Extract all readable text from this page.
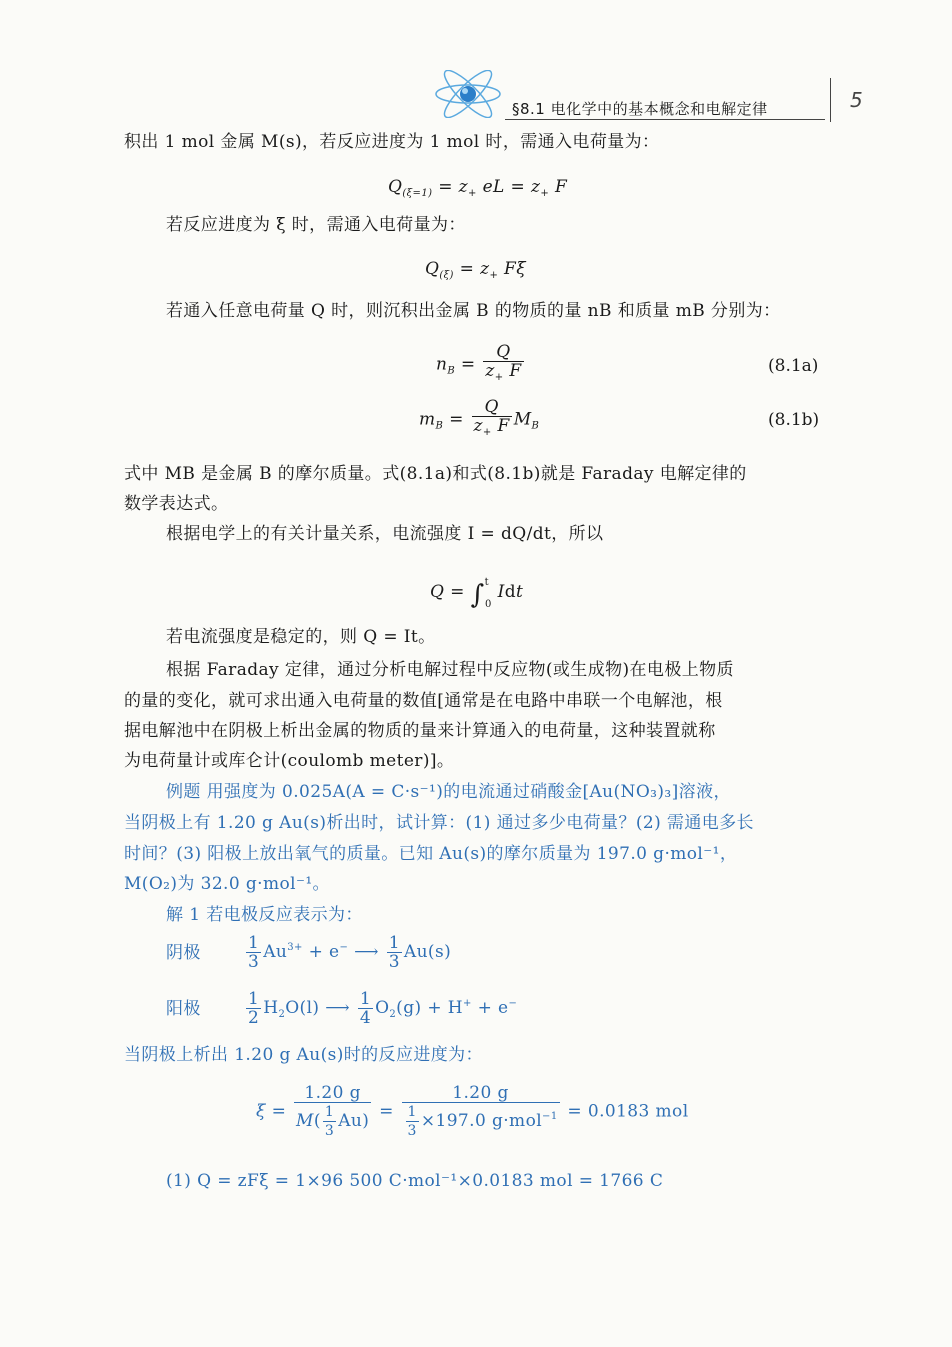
§8.1 电化学中的基本概念和电解定律	5
积出 1 mol 金属 M(s)，若反应进度为 1 mol 时，需通入电荷量为：
$Q_{(\xi=1)} = z_+$ eL = $z_+$ F
若反应进度为 ξ 时，需通入电荷量为：
$Q_{(\xi)} = z_+$ Fξ
若通入任意电荷量 Q 时，则沉积出金属 B 的物质的量 nB 和质量 mB 分别为：
$n_B = \frac{Q}{z_+ F}$	(8.1a)
$m_B = \frac{Q}{z_+ F} M_B$	(8.1b)
式中 MB 是金属 B 的摩尔质量。式(8.1a)和式(8.1b)就是 Faraday 电解定律的
数学表达式。
根据电学上的有关计量关系，电流强度 I = dQ/dt，所以
Q = ∫$^t_0$ Idt
若电流强度是稳定的，则 Q = It。
根据 Faraday 定律，通过分析电解过程中反应物(或生成物)在电极上物质
的量的变化，就可求出通入电荷量的数值[通常是在电路中串联一个电解池，根
据电解池中在阴极上析出金属的物质的量来计算通入的电荷量，这种装置就称
为电荷量计或库仑计(coulomb meter)]。
例题 用强度为 0.025A(A = C·s⁻¹)的电流通过硝酸金[Au(NO₃)₃]溶液，
当阴极上有 1.20 g Au(s)析出时，试计算：(1) 通过多少电荷量？(2) 需通电多长
时间？(3) 阳极上放出氧气的质量。已知 Au(s)的摩尔质量为 197.0 g·mol⁻¹，
M(O₂)为 32.0 g·mol⁻¹。
解 1 若电极反应表示为：
阴极	$\frac{1}{3} Au^{3+} + e^-$ ⟶ $\frac{1}{3} Au(s)$
阳极	$\frac{1}{2} H_2O(l)$ ⟶ $\frac{1}{4} O_2(g) + H^+ + e^-$
当阴极上析出 1.20 g Au(s)时的反应进度为：
$\xi = \frac{1.20 g}{M( \frac{1}{3} Au)} = \frac{1.20 g}{\frac{1}{3} \times 197.0 g\cdot mol^{-1}} = 0.0183$ mol
(1) Q = zFξ = 1×96 500 C·mol⁻¹×0.0183 mol = 1766 C
